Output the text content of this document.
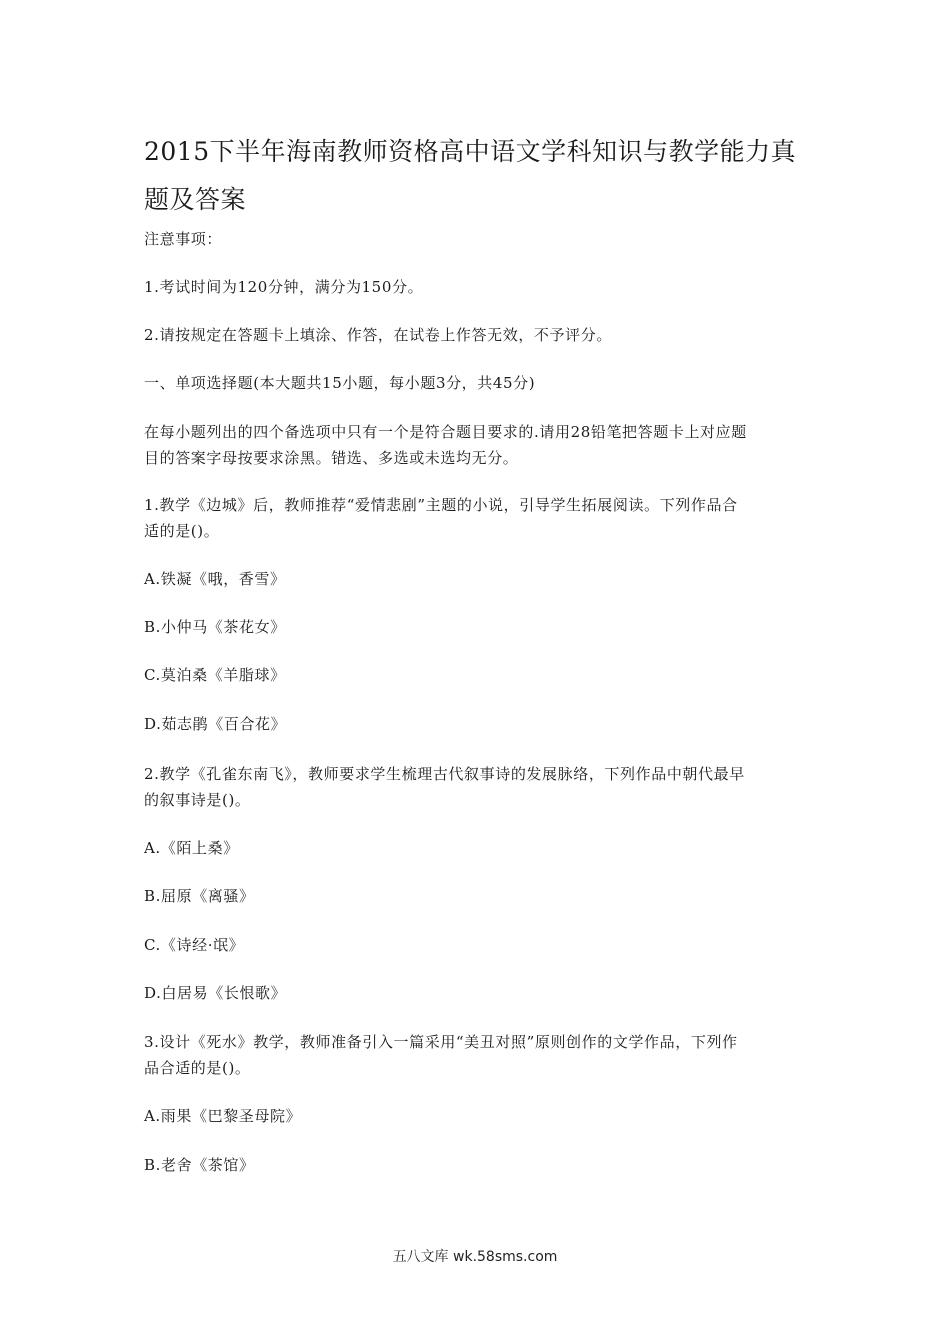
2015下半年海南教师资格高中语文学科知识与教学能力真
题及答案
注意事项：
1.考试时间为120分钟，满分为150分。
2.请按规定在答题卡上填涂、作答，在试卷上作答无效，不予评分。
一、单项选择题(本大题共15小题，每小题3分，共45分)
在每小题列出的四个备选项中只有一个是符合题目要求的.请用28铅笔把答题卡上对应题
目的答案字母按要求涂黑。错选、多选或未选均无分。
1.教学《边城》后，教师推荐“爱情悲剧”主题的小说，引导学生拓展阅读。下列作品合
适的是()。
A.铁凝《哦，香雪》
B.小仲马《茶花女》
C.莫泊桑《羊脂球》
D.茹志鹃《百合花》
2.教学《孔雀东南飞》，教师要求学生梳理古代叙事诗的发展脉络，下列作品中朝代最早
的叙事诗是()。
A.《陌上桑》
B.屈原《离骚》
C.《诗经·氓》
D.白居易《长恨歌》
3.设计《死水》教学，教师准备引入一篇采用“美丑对照”原则创作的文学作品，下列作
品合适的是()。
A.雨果《巴黎圣母院》
B.老舍《茶馆》
五八文库 wk.58sms.com
